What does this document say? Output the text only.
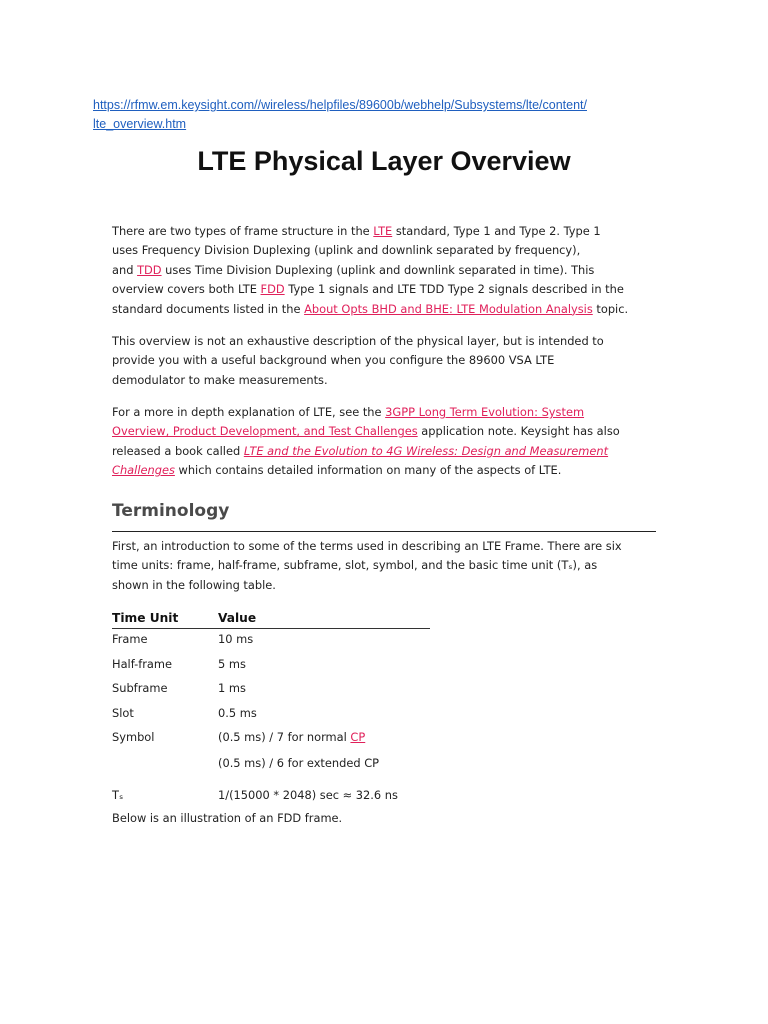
https://rfmw.em.keysight.com//wireless/helpfiles/89600b/webhelp/Subsystems/lte/content/
lte_overview.htm
LTE Physical Layer Overview
There are two types of frame structure in the LTE standard, Type 1 and Type 2. Type 1
uses Frequency Division Duplexing (uplink and downlink separated by frequency),
and TDD uses Time Division Duplexing (uplink and downlink separated in time). This
overview covers both LTE FDD Type 1 signals and LTE TDD Type 2 signals described in the
standard documents listed in the About Opts BHD and BHE: LTE Modulation Analysis topic.
This overview is not an exhaustive description of the physical layer, but is intended to
provide you with a useful background when you configure the 89600 VSA LTE
demodulator to make measurements.
For a more in depth explanation of LTE, see the 3GPP Long Term Evolution: System
Overview, Product Development, and Test Challenges application note. Keysight has also
released a book called LTE and the Evolution to 4G Wireless: Design and Measurement
Challenges which contains detailed information on many of the aspects of LTE.
Terminology
First, an introduction to some of the terms used in describing an LTE Frame. There are six
time units: frame, half-frame, subframe, slot, symbol, and the basic time unit (Tₛ), as
shown in the following table.
Time Unit	Value
Frame	10 ms
Half-frame	5 ms
Subframe	1 ms
Slot	0.5 ms
Symbol	(0.5 ms) / 7 for normal CP
(0.5 ms) / 6 for extended CP
Tₛ	1/(15000 * 2048) sec ≈ 32.6 ns
Below is an illustration of an FDD frame.
